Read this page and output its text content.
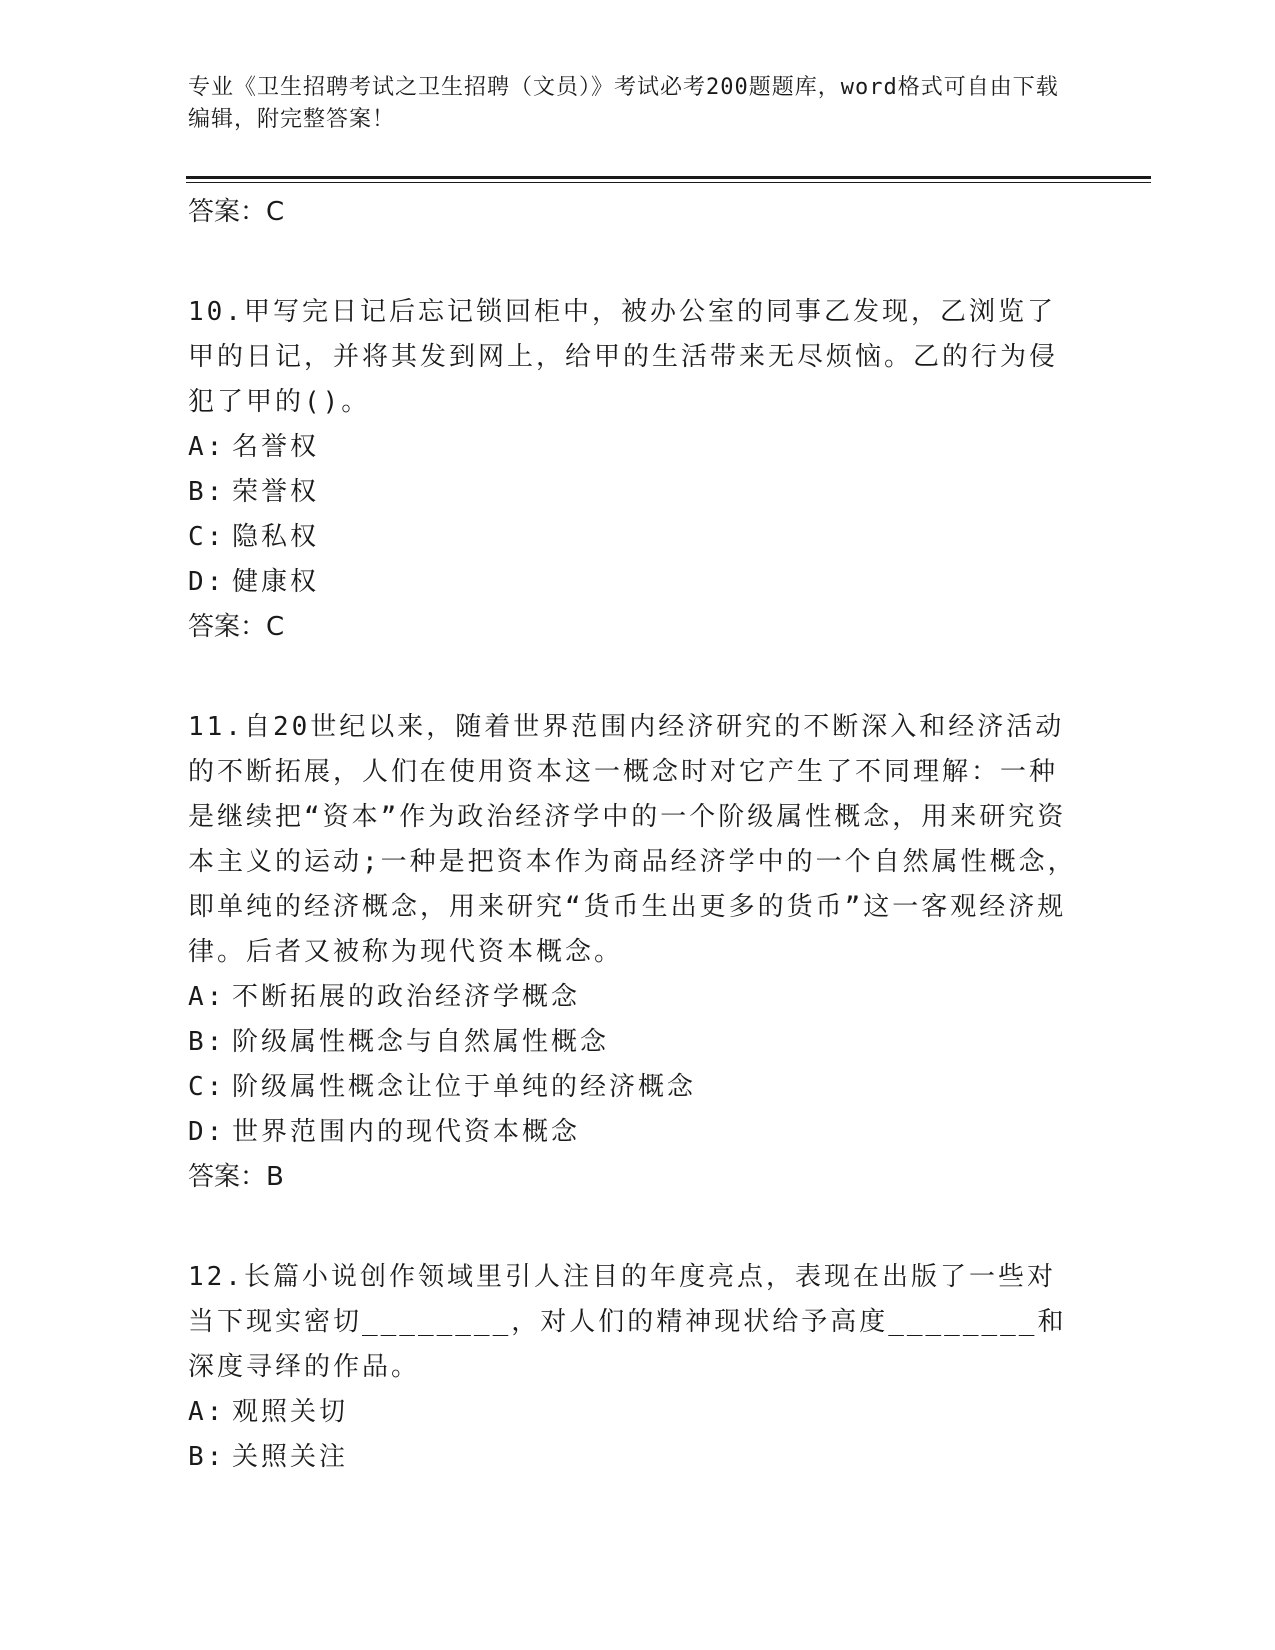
专业《卫生招聘考试之卫生招聘（文员）》考试必考200题题库，word格式可自由下载编辑，附完整答案！

答案：C

10.甲写完日记后忘记锁回柜中，被办公室的同事乙发现，乙浏览了甲的日记，并将其发到网上，给甲的生活带来无尽烦恼。乙的行为侵犯了甲的()。

A: 名誉权
B: 荣誉权
C: 隐私权
D: 健康权

答案：C

11.自20世纪以来，随着世界范围内经济研究的不断深入和经济活动的不断拓展，人们在使用资本这一概念时对它产生了不同理解：一种是继续把“资本”作为政治经济学中的一个阶级属性概念，用来研究资本主义的运动;一种是把资本作为商品经济学中的一个自然属性概念，即单纯的经济概念，用来研究“货币生出更多的货币”这一客观经济规律。后者又被称为现代资本概念。

A: 不断拓展的政治经济学概念
B: 阶级属性概念与自然属性概念
C: 阶级属性概念让位于单纯的经济概念
D: 世界范围内的现代资本概念

答案：B

12.长篇小说创作领域里引人注目的年度亮点，表现在出版了一些对当下现实密切________，对人们的精神现状给予高度________和深度寻绎的作品。

A: 观照关切
B: 关照关注
